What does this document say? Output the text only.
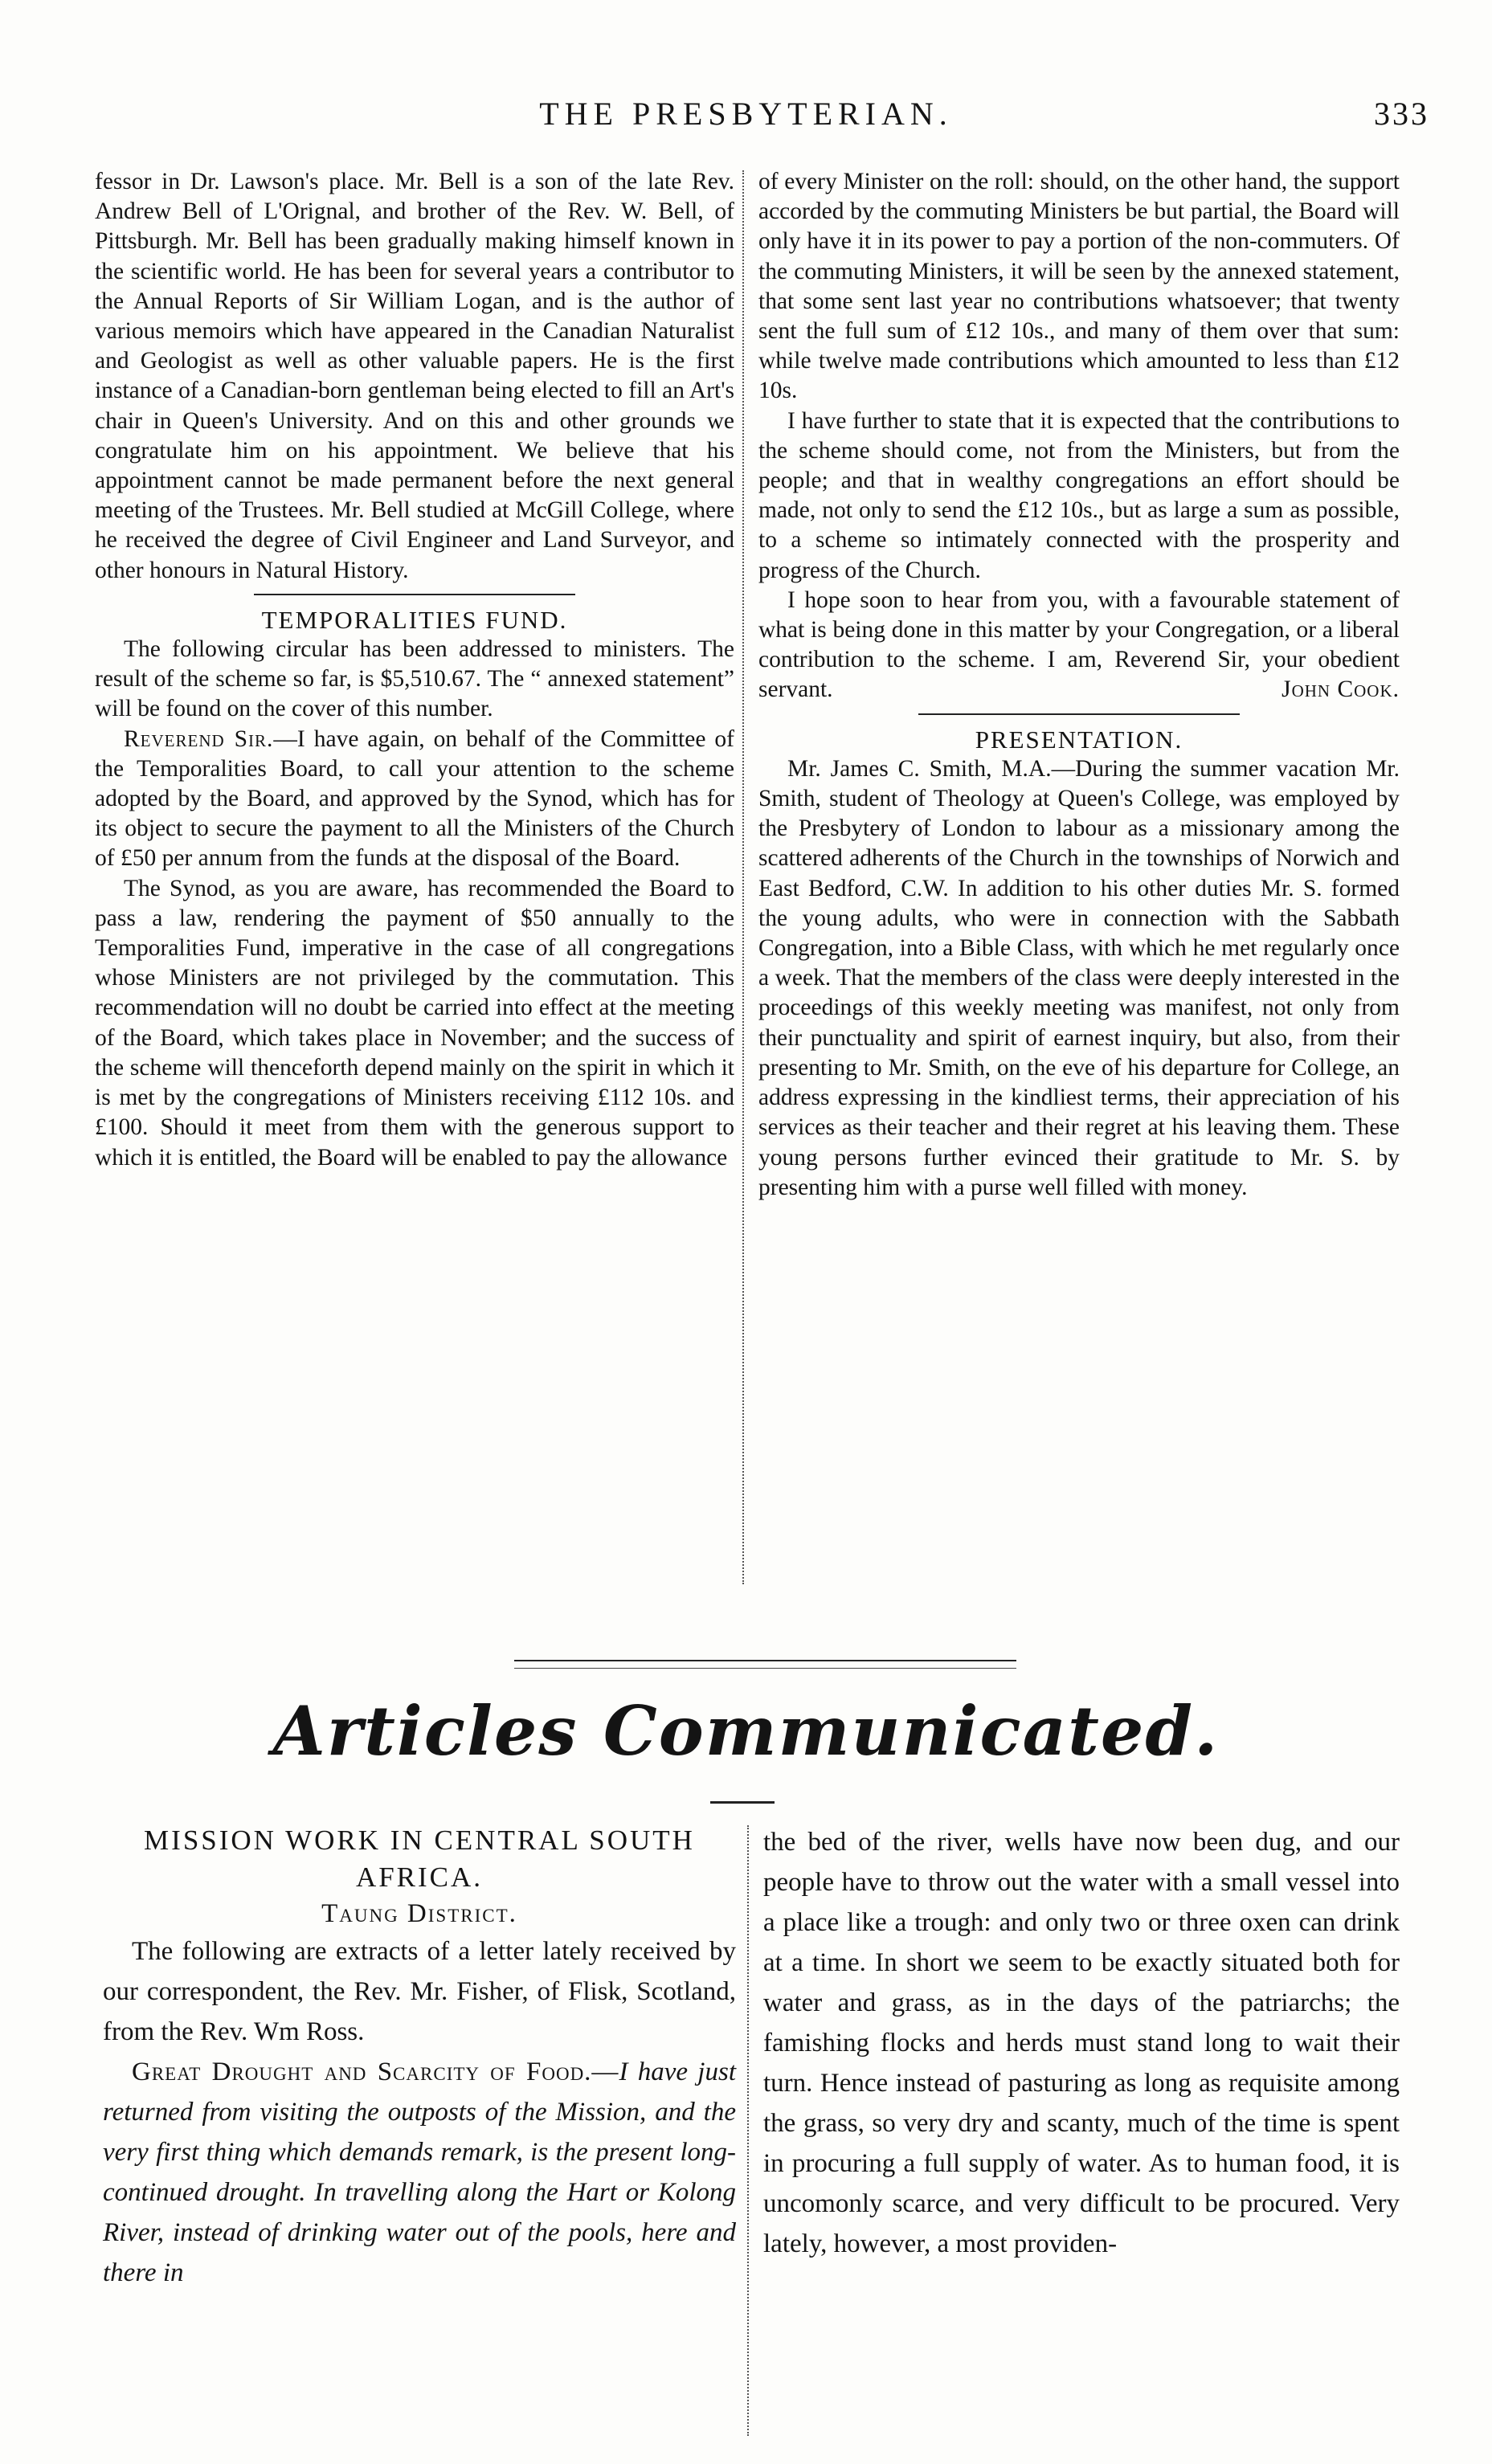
THE PRESBYTERIAN.	333

fessor in Dr. Lawson's place. Mr. Bell is a son of the late Rev. Andrew Bell of L'Orignal, and brother of the Rev. W. Bell, of Pittsburgh. Mr. Bell has been gradually making himself known in the scientific world. He has been for several years a contributor to the Annual Reports of Sir William Logan, and is the author of various memoirs which have appeared in the Canadian Naturalist and Geologist as well as other valuable papers. He is the first instance of a Canadian-born gentleman being elected to fill an Art's chair in Queen's University. And on this and other grounds we congratulate him on his appointment. We believe that his appointment cannot be made permanent before the next general meeting of the Trustees. Mr. Bell studied at McGill College, where he received the degree of Civil Engineer and Land Surveyor, and other honours in Natural History.

TEMPORALITIES FUND.

The following circular has been addressed to ministers. The result of the scheme so far, is $5,510.67. The “ annexed statement” will be found on the cover of this number.

Reverend Sir.—I have again, on behalf of the Committee of the Temporalities Board, to call your attention to the scheme adopted by the Board, and approved by the Synod, which has for its object to secure the payment to all the Ministers of the Church of £50 per annum from the funds at the disposal of the Board.

The Synod, as you are aware, has recommended the Board to pass a law, rendering the payment of $50 annually to the Temporalities Fund, imperative in the case of all congregations whose Ministers are not privileged by the commutation. This recommendation will no doubt be carried into effect at the meeting of the Board, which takes place in November; and the success of the scheme will thenceforth depend mainly on the spirit in which it is met by the congregations of Ministers receiving £112 10s. and £100. Should it meet from them with the generous support to which it is entitled, the Board will be enabled to pay the allowance

of every Minister on the roll: should, on the other hand, the support accorded by the commuting Ministers be but partial, the Board will only have it in its power to pay a portion of the non-commuters. Of the commuting Ministers, it will be seen by the annexed statement, that some sent last year no contributions whatsoever; that twenty sent the full sum of £12 10s., and many of them over that sum: while twelve made contributions which amounted to less than £12 10s.

I have further to state that it is expected that the contributions to the scheme should come, not from the Ministers, but from the people; and that in wealthy congregations an effort should be made, not only to send the £12 10s., but as large a sum as possible, to a scheme so intimately connected with the prosperity and progress of the Church.

I hope soon to hear from you, with a favourable statement of what is being done in this matter by your Congregation, or a liberal contribution to the scheme. I am, Reverend Sir, your obedient servant.	John Cook.

PRESENTATION.

Mr. James C. Smith, M.A.—During the summer vacation Mr. Smith, student of Theology at Queen's College, was employed by the Presbytery of London to labour as a missionary among the scattered adherents of the Church in the townships of Norwich and East Bedford, C.W. In addition to his other duties Mr. S. formed the young adults, who were in connection with the Sabbath Congregation, into a Bible Class, with which he met regularly once a week. That the members of the class were deeply interested in the proceedings of this weekly meeting was manifest, not only from their punctuality and spirit of earnest inquiry, but also, from their presenting to Mr. Smith, on the eve of his departure for College, an address expressing in the kindliest terms, their appreciation of his services as their teacher and their regret at his leaving them. These young persons further evinced their gratitude to Mr. S. by presenting him with a purse well filled with money.

Articles Communicated.

MISSION WORK IN CENTRAL SOUTH AFRICA.

Taung District.

The following are extracts of a letter lately received by our correspondent, the Rev. Mr. Fisher, of Flisk, Scotland, from the Rev. Wm Ross.

Great Drought and Scarcity of Food.—I have just returned from visiting the outposts of the Mission, and the very first thing which demands remark, is the present long-continued drought. In travelling along the Hart or Kolong River, instead of drinking water out of the pools, here and there in

the bed of the river, wells have now been dug, and our people have to throw out the water with a small vessel into a place like a trough: and only two or three oxen can drink at a time. In short we seem to be exactly situated both for water and grass, as in the days of the patriarchs; the famishing flocks and herds must stand long to wait their turn. Hence instead of pasturing as long as requisite among the grass, so very dry and scanty, much of the time is spent in procuring a full supply of water. As to human food, it is uncomonly scarce, and very difficult to be procured. Very lately, however, a most providen-
